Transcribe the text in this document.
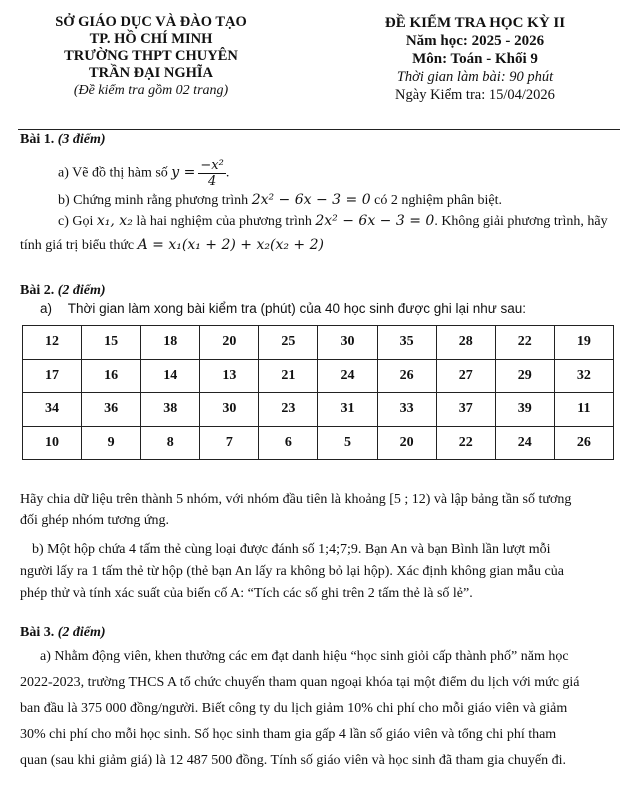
SỞ GIÁO DỤC VÀ ĐÀO TẠO
TP. HỒ CHÍ MINH
TRƯỜNG THPT CHUYÊN
TRẦN ĐẠI NGHĨA
(Đề kiểm tra gồm 02 trang)
ĐỀ KIỂM TRA HỌC KỲ II
Năm học: 2025 - 2026
Môn: Toán - Khối 9
Thời gian làm bài: 90 phút
Ngày Kiểm tra: 15/04/2026
Bài 1. (3 điểm)
a) Vẽ đồ thị hàm số $y = \frac{\text{−x²}}{4}$ .
b) Chứng minh rằng phương trình 2x² − 6x − 3 = 0 có 2 nghiệm phân biệt.
c) Gọi x₁, x₂ là hai nghiệm của phương trình 2x² − 6x − 3 = 0. Không giải phương trình, hãy
tính giá trị biểu thức A = x₁(x₁ + 2) + x₂(x₂ + 2)
Bài 2. (2 điểm)
a) Thời gian làm xong bài kiểm tra (phút) của 40 học sinh được ghi lại như sau:
12	15	18	20	25	30	35	28	22	19
17	16	14	13	21	24	26	27	29	32
34	36	38	30	23	31	33	37	39	11
10	9	8	7	6	5	20	22	24	26
Hãy chia dữ liệu trên thành 5 nhóm, với nhóm đầu tiên là khoảng [5 ; 12) và lập bảng tần số tương
đối ghép nhóm tương ứng.
b) Một hộp chứa 4 tấm thẻ cùng loại được đánh số 1;4;7;9. Bạn An và bạn Bình lần lượt mỗi
người lấy ra 1 tấm thẻ từ hộp (thẻ bạn An lấy ra không bỏ lại hộp). Xác định không gian mẫu của
phép thử và tính xác suất của biến cố A: “Tích các số ghi trên 2 tấm thẻ là số lẻ”.
Bài 3. (2 điểm)
a) Nhằm động viên, khen thưởng các em đạt danh hiệu “học sinh giỏi cấp thành phố” năm học
2022-2023, trường THCS A tổ chức chuyến tham quan ngoại khóa tại một điểm du lịch với mức giá
ban đầu là 375 000 đồng/người. Biết công ty du lịch giảm 10% chi phí cho mỗi giáo viên và giảm
30% chi phí cho mỗi học sinh. Số học sinh tham gia gấp 4 lần số giáo viên và tổng chi phí tham
quan (sau khi giảm giá) là 12 487 500 đồng. Tính số giáo viên và học sinh đã tham gia chuyến đi.
